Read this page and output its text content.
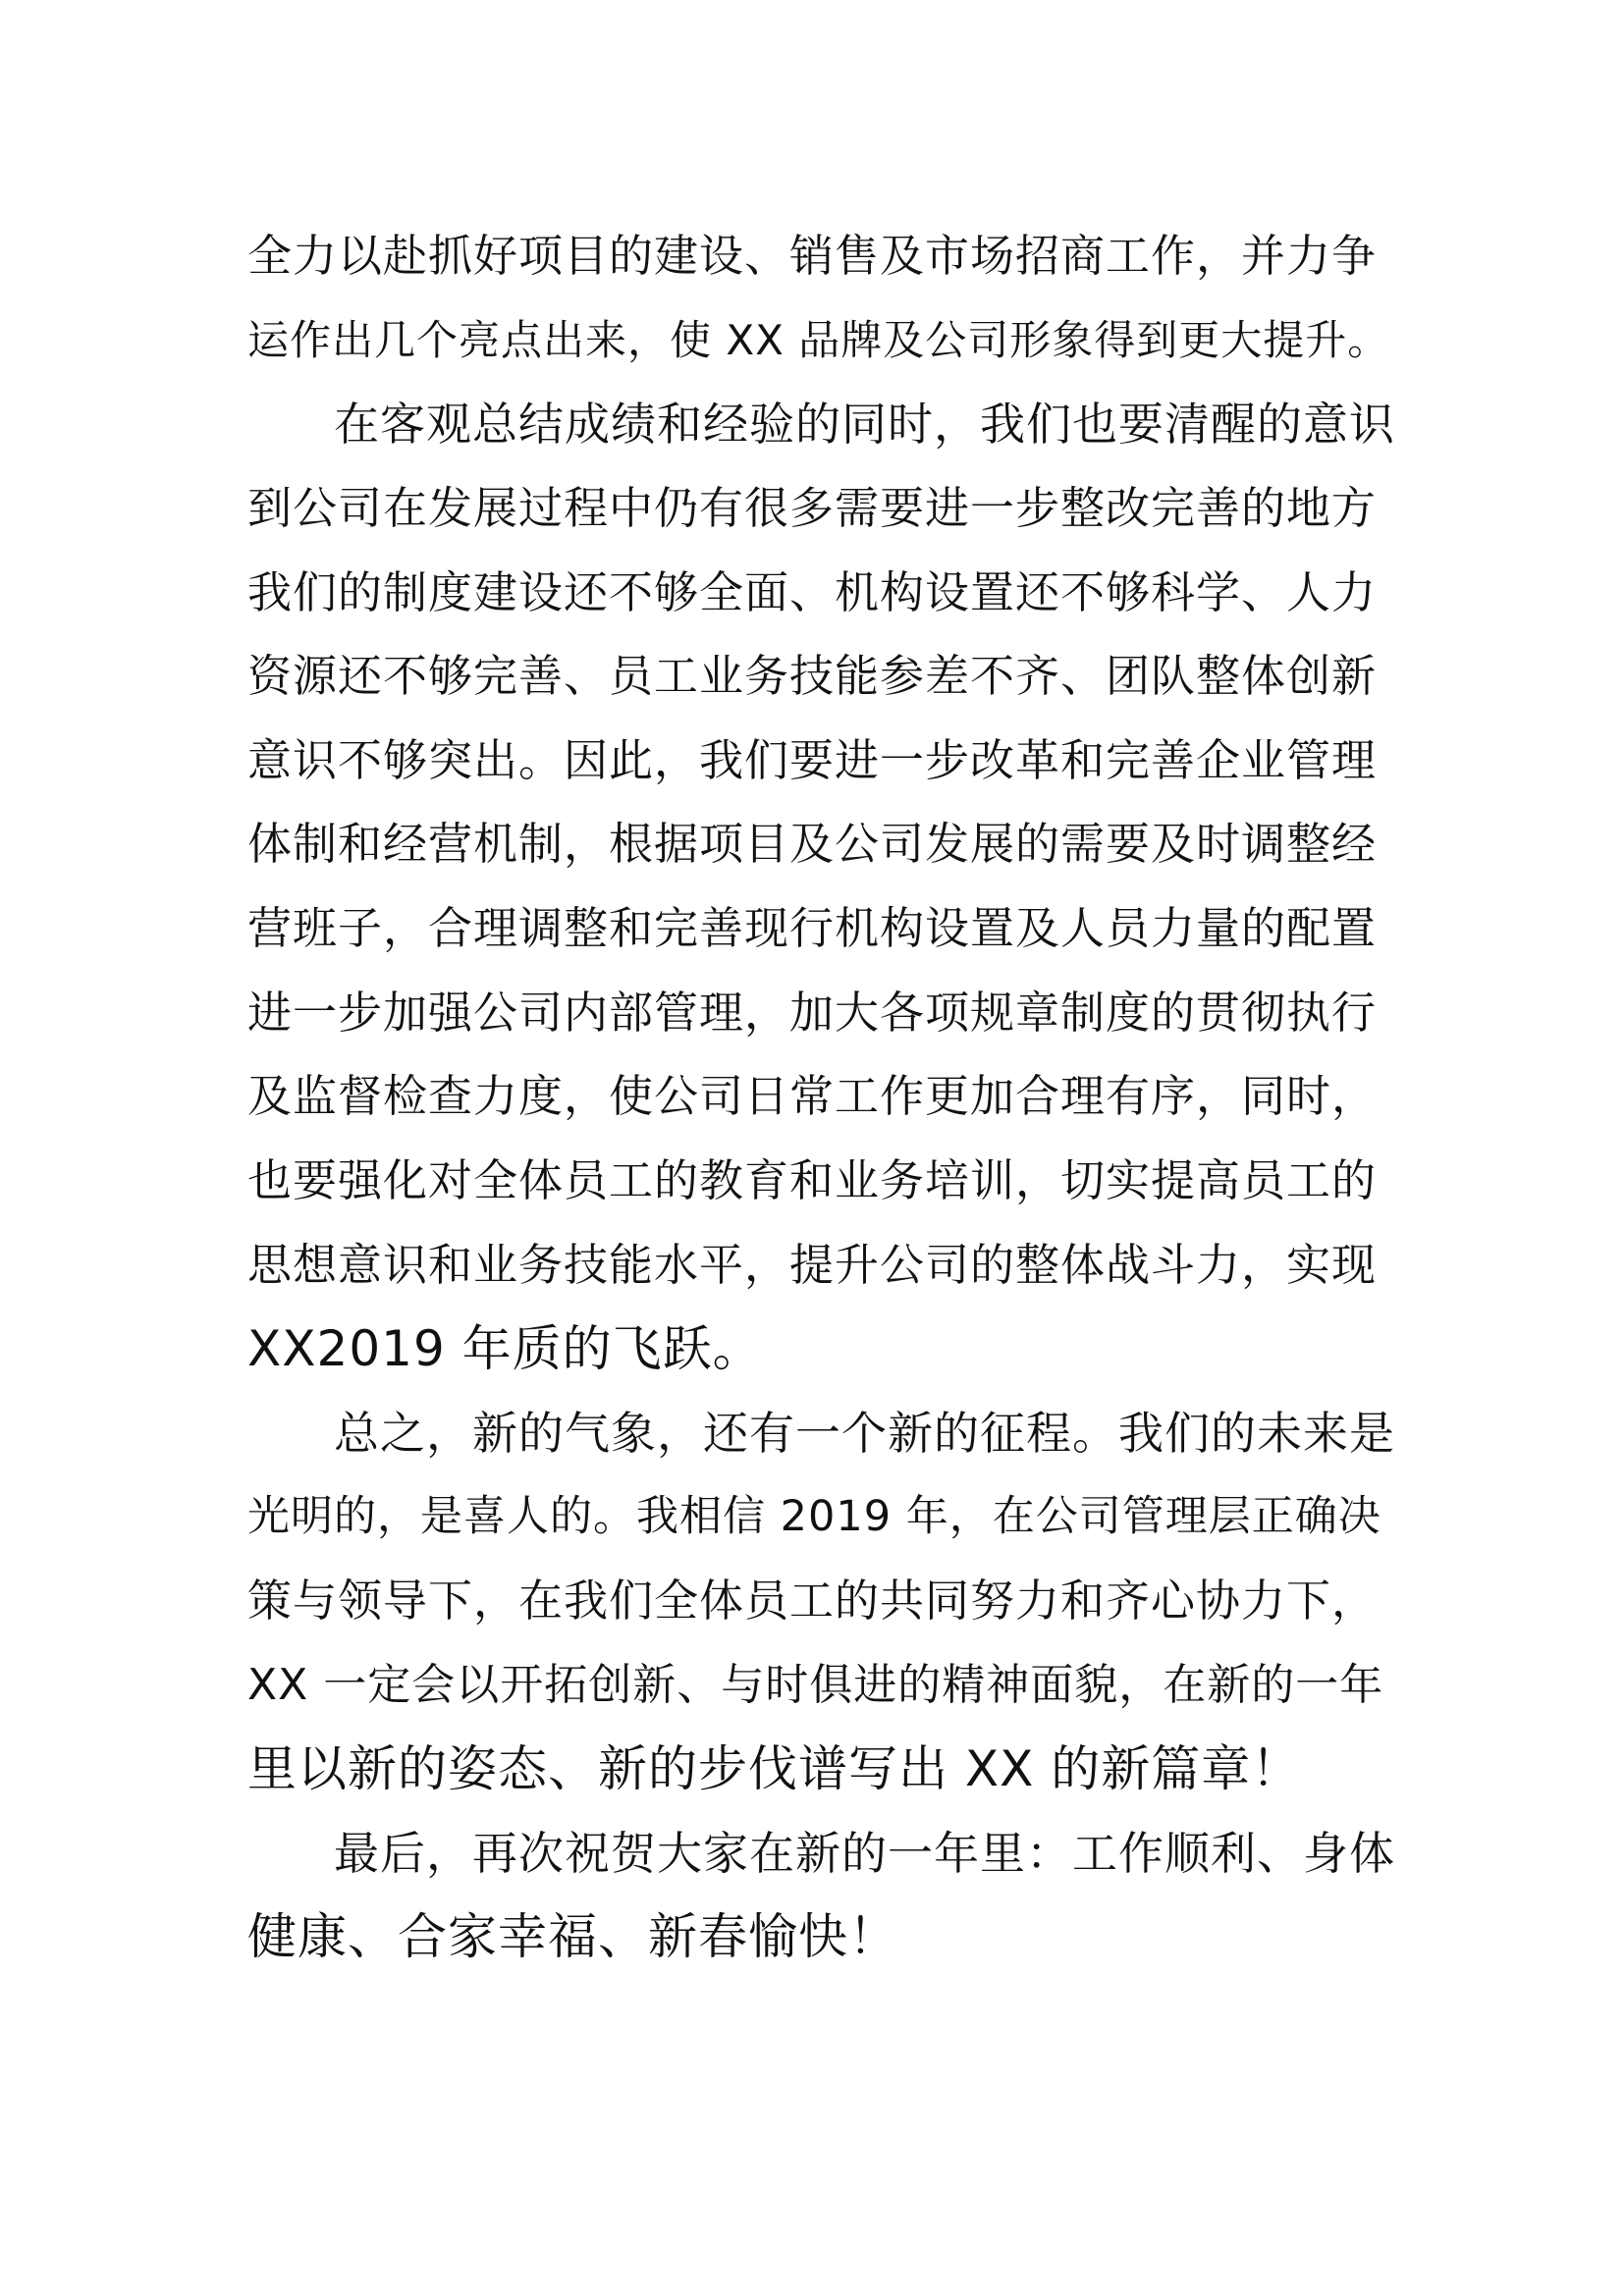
全力以赴抓好项目的建设、销售及市场招商工作，并力争
运作出几个亮点出来，使 XX 品牌及公司形象得到更大提升。
在客观总结成绩和经验的同时，我们也要清醒的意识
到公司在发展过程中仍有很多需要进一步整改完善的地方
我们的制度建设还不够全面、机构设置还不够科学、人力
资源还不够完善、员工业务技能参差不齐、团队整体创新
意识不够突出。因此，我们要进一步改革和完善企业管理
体制和经营机制，根据项目及公司发展的需要及时调整经
营班子，合理调整和完善现行机构设置及人员力量的配置
进一步加强公司内部管理，加大各项规章制度的贯彻执行
及监督检查力度，使公司日常工作更加合理有序，同时，
也要强化对全体员工的教育和业务培训，切实提高员工的
思想意识和业务技能水平，提升公司的整体战斗力，实现
XX2019 年质的飞跃。
总之，新的气象，还有一个新的征程。我们的未来是
光明的，是喜人的。我相信 2019 年，在公司管理层正确决
策与领导下，在我们全体员工的共同努力和齐心协力下，
XX 一定会以开拓创新、与时俱进的精神面貌，在新的一年
里以新的姿态、新的步伐谱写出 XX 的新篇章！
最后，再次祝贺大家在新的一年里：工作顺利、身体
健康、合家幸福、新春愉快！
